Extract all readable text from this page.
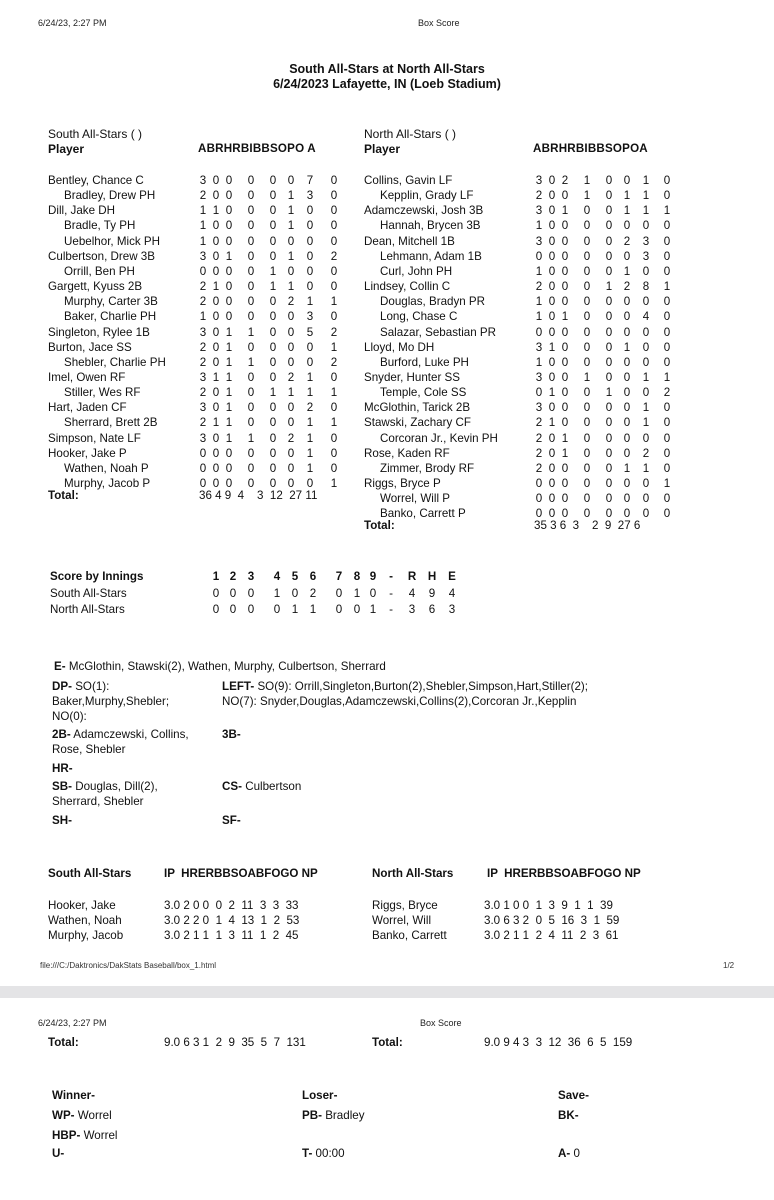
6/24/23, 2:27 PM	Box Score
South All-Stars at North All-Stars
6/24/2023 Lafayette, IN (Loeb Stadium)
South All-Stars ( )
Player	ABRHRBIBBSOPO A
North All-Stars ( )
Player	ABRHRBIBBSOPOA
Bentley, Chance C	3 0 0 0 0 0 7 0
Bradley, Drew PH	2 0 0 0 0 1 3 0
Dill, Jake DH	1 1 0 0 0 1 0 0
Bradle, Ty PH	1 0 0 0 0 1 0 0
Uebelhor, Mick PH	1 0 0 0 0 0 0 0
Culbertson, Drew 3B	3 0 1 0 0 1 0 2
Orrill, Ben PH	0 0 0 0 1 0 0 0
Gargett, Kyuss 2B	2 1 0 0 1 1 0 0
Murphy, Carter 3B	2 0 0 0 0 2 1 1
Baker, Charlie PH	1 0 0 0 0 0 3 0
Singleton, Rylee 1B	3 0 1 1 0 0 5 2
Burton, Jace SS	2 0 1 0 0 0 0 1
Shebler, Charlie PH	2 0 1 1 0 0 0 2
Imel, Owen RF	3 1 1 0 0 2 1 0
Stiller, Wes RF	2 0 1 0 1 1 1 1
Hart, Jaden CF	3 0 1 0 0 0 2 0
Sherrard, Brett 2B	2 1 1 0 0 0 1 1
Simpson, Nate LF	3 0 1 1 0 2 1 0
Hooker, Jake P	0 0 0 0 0 0 1 0
Wathen, Noah P	0 0 0 0 0 0 1 0
Murphy, Jacob P	0 0 0 0 0 0 0 1
Collins, Gavin LF	3 0 2 1 0 0 1 0
Kepplin, Grady LF	2 0 0 1 0 1 1 0
Adamczewski, Josh 3B	3 0 1 0 0 1 1 1
Hannah, Brycen 3B	1 0 0 0 0 0 0 0
Dean, Mitchell 1B	3 0 0 0 0 2 3 0
Lehmann, Adam 1B	0 0 0 0 0 0 3 0
Curl, John PH	1 0 0 0 0 1 0 0
Lindsey, Collin C	2 0 0 0 1 2 8 1
Douglas, Bradyn PR	1 0 0 0 0 0 0 0
Long, Chase C	1 0 1 0 0 0 4 0
Salazar, Sebastian PR	0 0 0 0 0 0 0 0
Lloyd, Mo DH	3 1 0 0 0 1 0 0
Burford, Luke PH	1 0 0 0 0 0 0 0
Snyder, Hunter SS	3 0 0 1 0 0 1 1
Temple, Cole SS	0 1 0 0 1 0 0 2
McGlothin, Tarick 2B	3 0 0 0 0 0 1 0
Stawski, Zachary CF	2 1 0 0 0 0 1 0
Corcoran Jr., Kevin PH	2 0 1 0 0 0 0 0
Rose, Kaden RF	2 0 1 0 0 0 2 0
Zimmer, Brody RF	2 0 0 0 0 1 1 0
Riggs, Bryce P	0 0 0 0 0 0 0 1
Worrel, Will P	0 0 0 0 0 0 0 0
Banko, Carrett P	0 0 0 0 0 0 0 0
Total:	36 4 9  4    3  12  27 11
Total:	35 3 6  3    2  9  27 6
Score by Innings	1 2 3 4 5 6 7 8 9 - R H E
South All-Stars	0 0 0 1 0 2 0 1 0 - 4 9 4
North All-Stars	0 0 0 0 1 1 0 0 1 - 3 6 3
E- McGlothin, Stawski(2), Wathen, Murphy, Culbertson, Sherrard
DP- SO(1):
Baker,Murphy,Shebler;
NO(0):
LEFT- SO(9): Orrill,Singleton,Burton(2),Shebler,Simpson,Hart,Stiller(2);
NO(7): Snyder,Douglas,Adamczewski,Collins(2),Corcoran Jr.,Kepplin
2B- Adamczewski, Collins,
Rose, Shebler
3B-
HR-
SB- Douglas, Dill(2),
Sherrard, Shebler
CS- Culbertson
SH-	SF-
South All-Stars	IP  HRERBBSOABFOGO NP	North All-Stars	IP  HRERBBSOABFOGO NP
Hooker, Jake	3.0 2 0 0  0  2  11  3  3  33
Wathen, Noah	3.0 2 2 0  1  4  13  1  2  53
Murphy, Jacob	3.0 2 1 1  1  3  11  1  2  45
Riggs, Bryce	3.0 1 0 0  1  3  9  1  1  39
Worrel, Will	3.0 6 3 2  0  5  16  3  1  59
Banko, Carrett	3.0 2 1 1  2  4  11  2  3  61
file:///C:/Daktronics/DakStats Baseball/box_1.html	1/2
6/24/23, 2:27 PM	Box Score
Total:	9.0 6 3 1  2  9  35  5  7  131	Total:	9.0 9 4 3  3  12  36  6  5  159
Winner-	Loser-	Save-
WP- Worrel	PB- Bradley	BK-
HBP- Worrel
U-	T- 00:00	A- 0
